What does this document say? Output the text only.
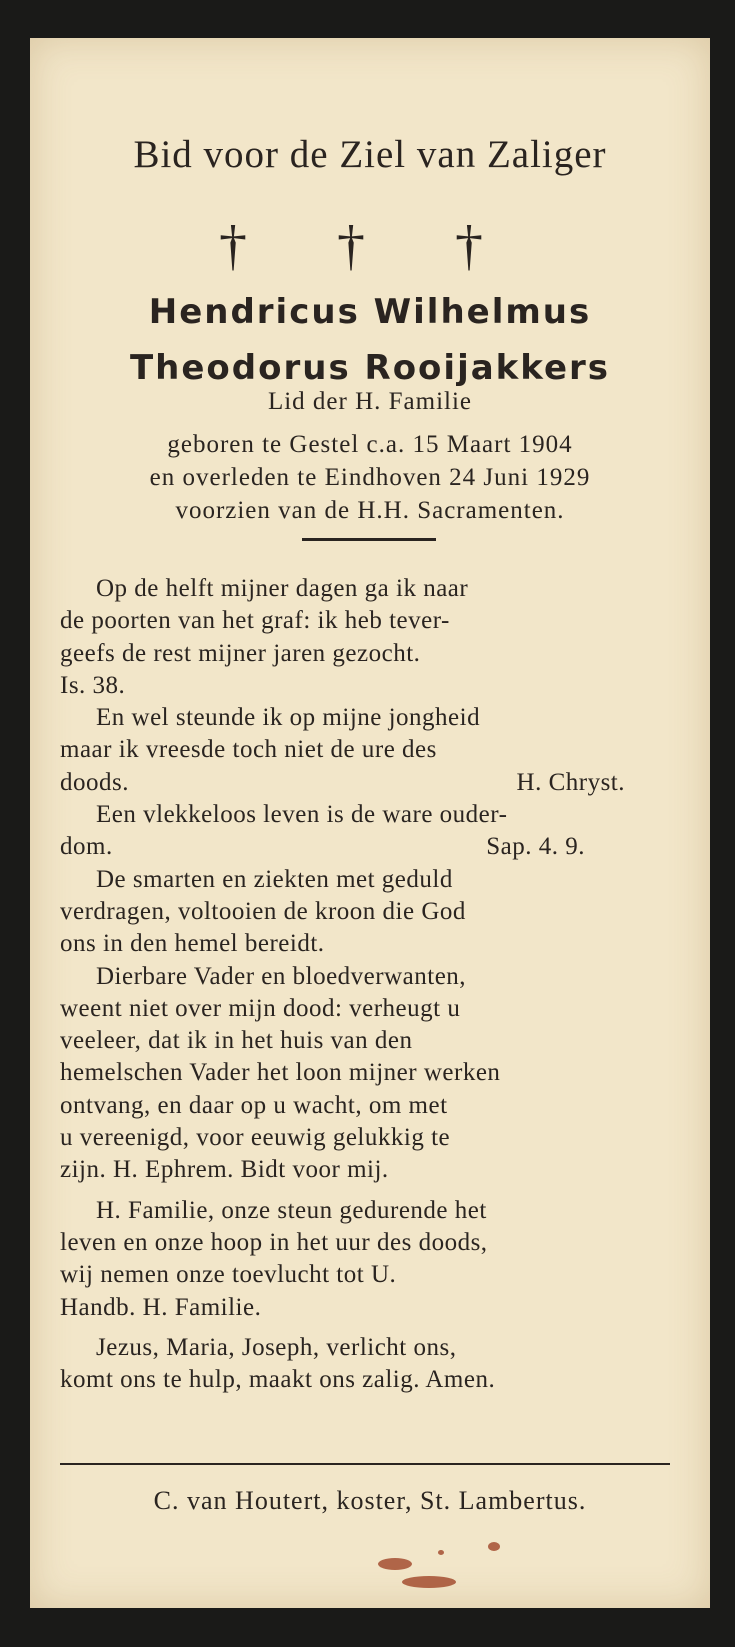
Bid voor de Ziel van Zaliger
† † †
Hendricus Wilhelmus
Theodorus Rooijakkers
Lid der H. Familie
geboren te Gestel c.a. 15 Maart 1904
en overleden te Eindhoven 24 Juni 1929
voorzien van de H.H. Sacramenten.

Op de helft mijner dagen ga ik naar

de poorten van het graf: ik heb tever-

geefs de rest mijner jaren gezocht.

Is. 38.

En wel steunde ik op mijne jongheid

maar ik vreesde toch niet de ure des

doods.	H. Chryst.

Een vlekkeloos leven is de ware ouder-

dom.	Sap. 4. 9.

De smarten en ziekten met geduld

verdragen, voltooien de kroon die God

ons in den hemel bereidt.

Dierbare Vader en bloedverwanten,

weent niet over mijn dood: verheugt u

veeleer, dat ik in het huis van den

hemelschen Vader het loon mijner werken

ontvang, en daar op u wacht, om met

u vereenigd, voor eeuwig gelukkig te

zijn. H. Ephrem. Bidt voor mij.

H. Familie, onze steun gedurende het

leven en onze hoop in het uur des doods,

wij nemen onze toevlucht tot U.

Handb. H. Familie.

Jezus, Maria, Joseph, verlicht ons,

komt ons te hulp, maakt ons zalig. Amen.

C. van Houtert, koster, St. Lambertus.
